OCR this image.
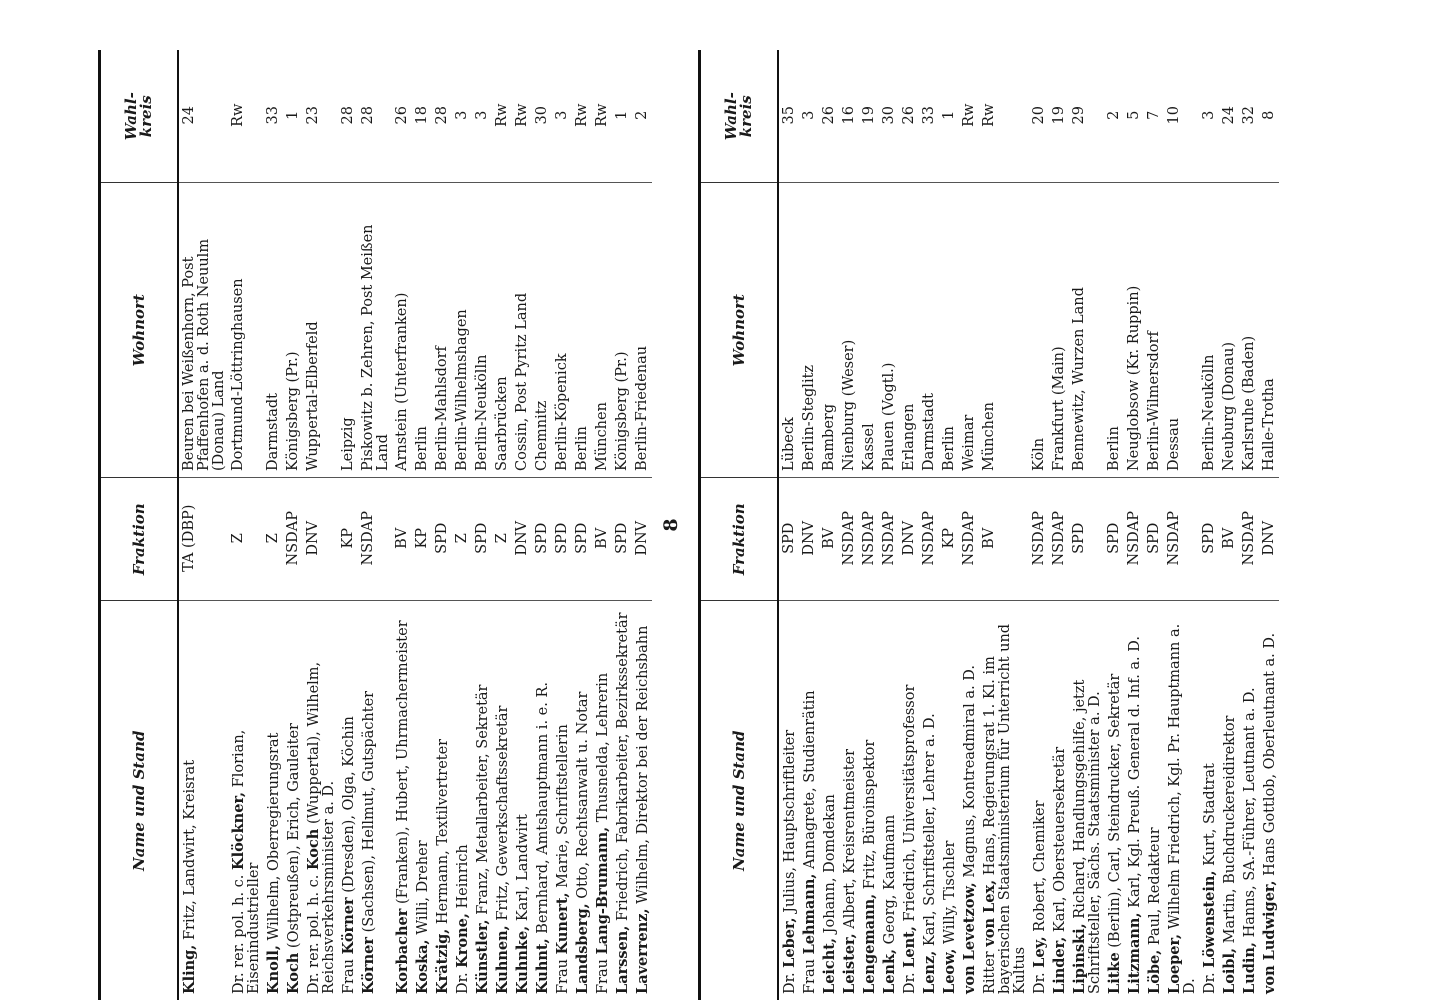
8
Name und Stand	Fraktion	Wohnort	Wahl-
kreis
Kling, Fritz, Landwirt, Kreisrat	TA (DBP)	Beuren bei Weißenhorn, Post Pfaffenhofen a. d. Roth Neuulm (Donau) Land	24
Dr. rer. pol. h. c. Klöckner, Florian, Eisenindustrieller	Z	Dortmund-Löttringhausen	Rw
Knoll, Wilhelm, Oberregierungsrat	Z	Darmstadt	33
Koch (Ostpreußen), Erich, Gauleiter	NSDAP	Königsberg (Pr.)	1
Dr. rer. pol. h. c. Koch (Wuppertal), Wilhelm, Reichsverkehrsminister a. D.	DNV	Wuppertal-Elberfeld	23
Frau Körner (Dresden), Olga, Köchin	KP	Leipzig	28
Körner (Sachsen), Hellmut, Gutspächter	NSDAP	Piskowitz b. Zehren, Post Meißen Land	28
Korbacher (Franken), Hubert, Uhrmachermeister	BV	Arnstein (Unterfranken)	26
Koska, Willi, Dreher	KP	Berlin	18
Krätzig, Hermann, Textilvertreter	SPD	Berlin-Mahlsdorf	28
Dr. Krone, Heinrich	Z	Berlin-Wilhelmshagen	3
Künstler, Franz, Metallarbeiter, Sekretär	SPD	Berlin-Neukölln	3
Kuhnen, Fritz, Gewerkschaftssekretär	Z	Saarbrücken	Rw
Kuhnke, Karl, Landwirt	DNV	Cossin, Post Pyritz Land	Rw
Kuhnt, Bernhard, Amtshauptmann i. e. R.	SPD	Chemnitz	30
Frau Kunert, Marie, Schriftstellerin	SPD	Berlin-Köpenick	3
Landsberg, Otto, Rechtsanwalt u. Notar	SPD	Berlin	Rw
Frau Lang-Brumann, Thusnelda, Lehrerin	BV	München	Rw
Larssen, Friedrich, Fabrikarbeiter, Bezirkssekretär	SPD	Königsberg (Pr.)	1
Laverrenz, Wilhelm, Direktor bei der Reichsbahn	DNV	Berlin-Friedenau	2
Name und Stand	Fraktion	Wohnort	Wahl-
kreis
Dr. Leber, Julius, Hauptschriftleiter	SPD	Lübeck	35
Frau Lehmann, Annagrete, Studienrätin	DNV	Berlin-Steglitz	3
Leicht, Johann, Domdekan	BV	Bamberg	26
Leister, Albert, Kreisrentmeister	NSDAP	Nienburg (Weser)	16
Lengemann, Fritz, Büroinspektor	NSDAP	Kassel	19
Lenk, Georg, Kaufmann	NSDAP	Plauen (Vogtl.)	30
Dr. Lent, Friedrich, Universitätsprofessor	DNV	Erlangen	26
Lenz, Karl, Schriftsteller, Lehrer a. D.	NSDAP	Darmstadt	33
Leow, Willy, Tischler	KP	Berlin	1
von Levetzow, Magnus, Kontreadmiral a. D.	NSDAP	Weimar	Rw
Ritter von Lex, Hans, Regierungsrat 1. Kl. im bayerischen Staatsministerium für Unterricht und Kultus	BV	München	Rw
Dr. Ley, Robert, Chemiker	NSDAP	Köln	20
Linder, Karl, Obersteuersekretär	NSDAP	Frankfurt (Main)	19
Lipinski, Richard, Handlungsgehilfe, jetzt Schriftsteller, Sächs. Staatsminister a. D.	SPD	Bennewitz, Wurzen Land	29
Litke (Berlin), Carl, Steindrucker, Sekretär	SPD	Berlin	2
Litzmann, Karl, Kgl. Preuß. General d. Inf. a. D.	NSDAP	Neuglobsow (Kr. Ruppin)	5
Löbe, Paul, Redakteur	SPD	Berlin-Wilmersdorf	7
Loeper, Wilhelm Friedrich, Kgl. Pr. Hauptmann a. D.	NSDAP	Dessau	10
Dr. Löwenstein, Kurt, Stadtrat	SPD	Berlin-Neukölln	3
Loibl, Martin, Buchdruckereidirektor	BV	Neuburg (Donau)	24
Ludin, Hanns, SA.-Führer, Leutnant a. D.	NSDAP	Karlsruhe (Baden)	32
von Ludwiger, Hans Gottlob, Oberleutnant a. D.	DNV	Halle-Trotha	8
